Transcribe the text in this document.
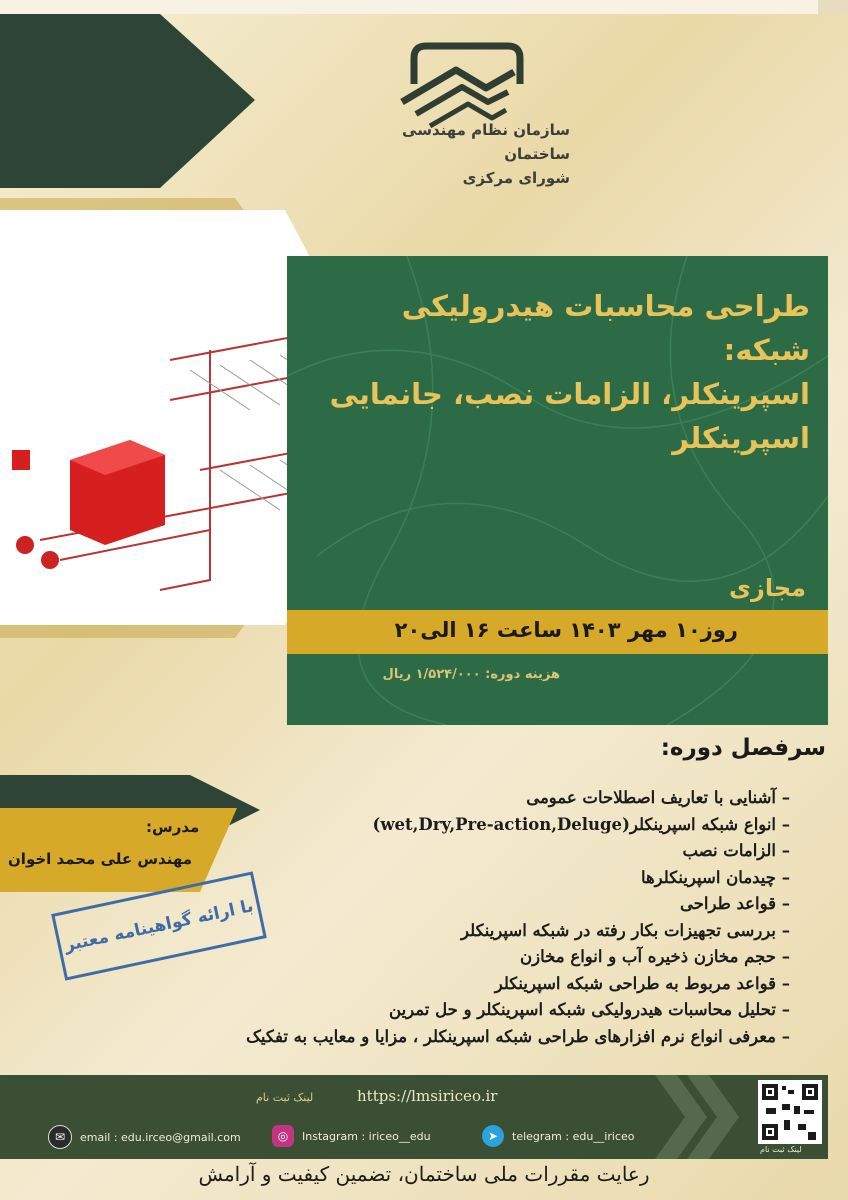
سازمان نظام مهندسی ساختمان
شورای مرکزی
طراحی محاسبات هیدرولیکی شبکه:
اسپرینکلر، الزامات نصب، جانمایی
اسپرینکلر
مجازی
روز۱۰ مهر ۱۴۰۳ ساعت ۱۶ الی۲۰
هزینه دوره: ۱/۵۲۴/۰۰۰ ریال
سرفصل دوره:
– آشنایی با تعاریف اصطلاحات عمومی
– انواع شبکه اسپرینکلر(wet,Dry,Pre-action,Deluge)
– الزامات نصب
– چیدمان اسپرینکلرها
– قواعد طراحی
– بررسی تجهیزات بکار رفته در شبکه اسپرینکلر
– حجم مخازن ذخیره آب و انواع مخازن
– قواعد مربوط به طراحی شبکه اسپرینکلر
– تحلیل محاسبات هیدرولیکی شبکه اسپرینکلر و حل تمرین
– معرفی انواع نرم افزارهای طراحی شبکه اسپرینکلر ، مزایا و معایب به تفکیک
مدرس:
مهندس علی محمد اخوان
با ارائه گواهینامه معتبر
لینک ثبت نام	https://lmsiriceo.ir
✉	email : edu.irceo@gmail.com	◎	Instagram : iriceo__edu	➤	telegram : edu__iriceo
لینک ثبت نام
رعایت مقررات ملی ساختمان، تضمین کیفیت و آرامش
